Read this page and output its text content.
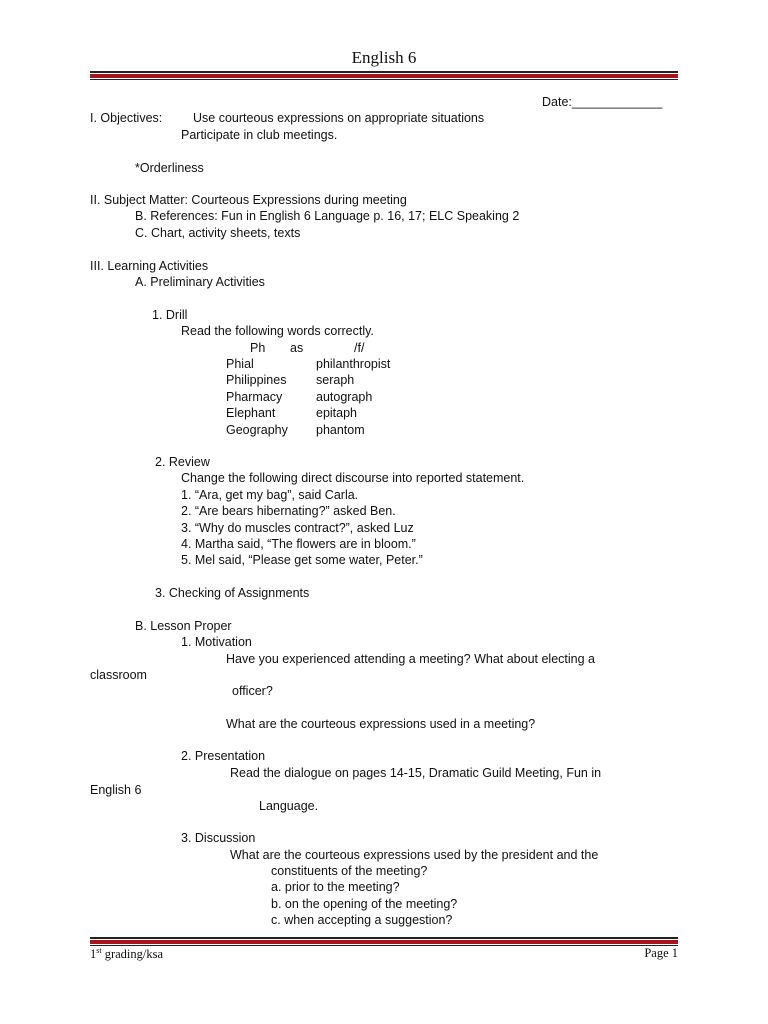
English 6
Date:_____________
I. Objectives: Use courteous expressions on appropriate situations
Participate in club meetings.
*Orderliness
II. Subject Matter: Courteous Expressions during meeting
B. References: Fun in English 6 Language p. 16, 17; ELC Speaking 2
C. Chart, activity sheets, texts
III. Learning Activities
A. Preliminary Activities
1. Drill
Read the following words correctly.
Ph as	/f/
Phial	philanthropist
Philippines seraph
Pharmacy	autograph
Elephant	epitaph
Geography phantom
2. Review
Change the following direct discourse into reported statement.
1. “Ara, get my bag”, said Carla.
2. “Are bears hibernating?” asked Ben.
3. “Why do muscles contract?”, asked Luz
4. Martha said, “The flowers are in bloom.”
5. Mel said, “Please get some water, Peter.”
3. Checking of Assignments
B. Lesson Proper
1. Motivation
Have you experienced attending a meeting? What about electing a
classroom
officer?
What are the courteous expressions used in a meeting?
2. Presentation
Read the dialogue on pages 14-15, Dramatic Guild Meeting, Fun in
English 6
Language.
3. Discussion
What are the courteous expressions used by the president and the
constituents of the meeting?
a. prior to the meeting?
b. on the opening of the meeting?
c. when accepting a suggestion?
1st grading/ksa	Page 1
